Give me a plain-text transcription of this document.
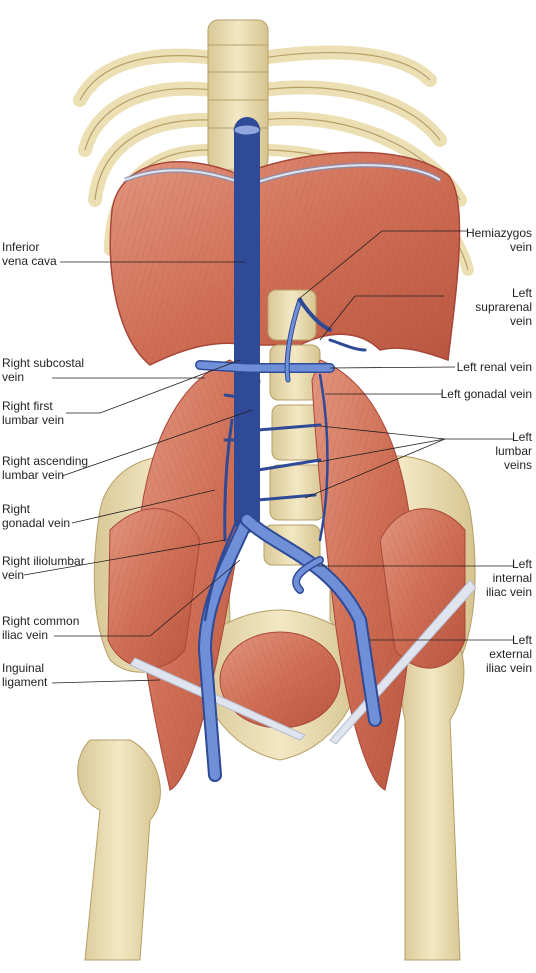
Inferior
vena cava
Right subcostal
vein
Right first
lumbar vein
Right ascending
lumbar vein
Right
gonadal vein
Right iliolumbar
vein
Right common
iliac vein
Inguinal
ligament
Hemiazygos
vein
Left
suprarenal
vein
Left renal vein
Left gonadal vein
Left
lumbar
veins
Left
internal
iliac vein
Left
external
iliac vein
